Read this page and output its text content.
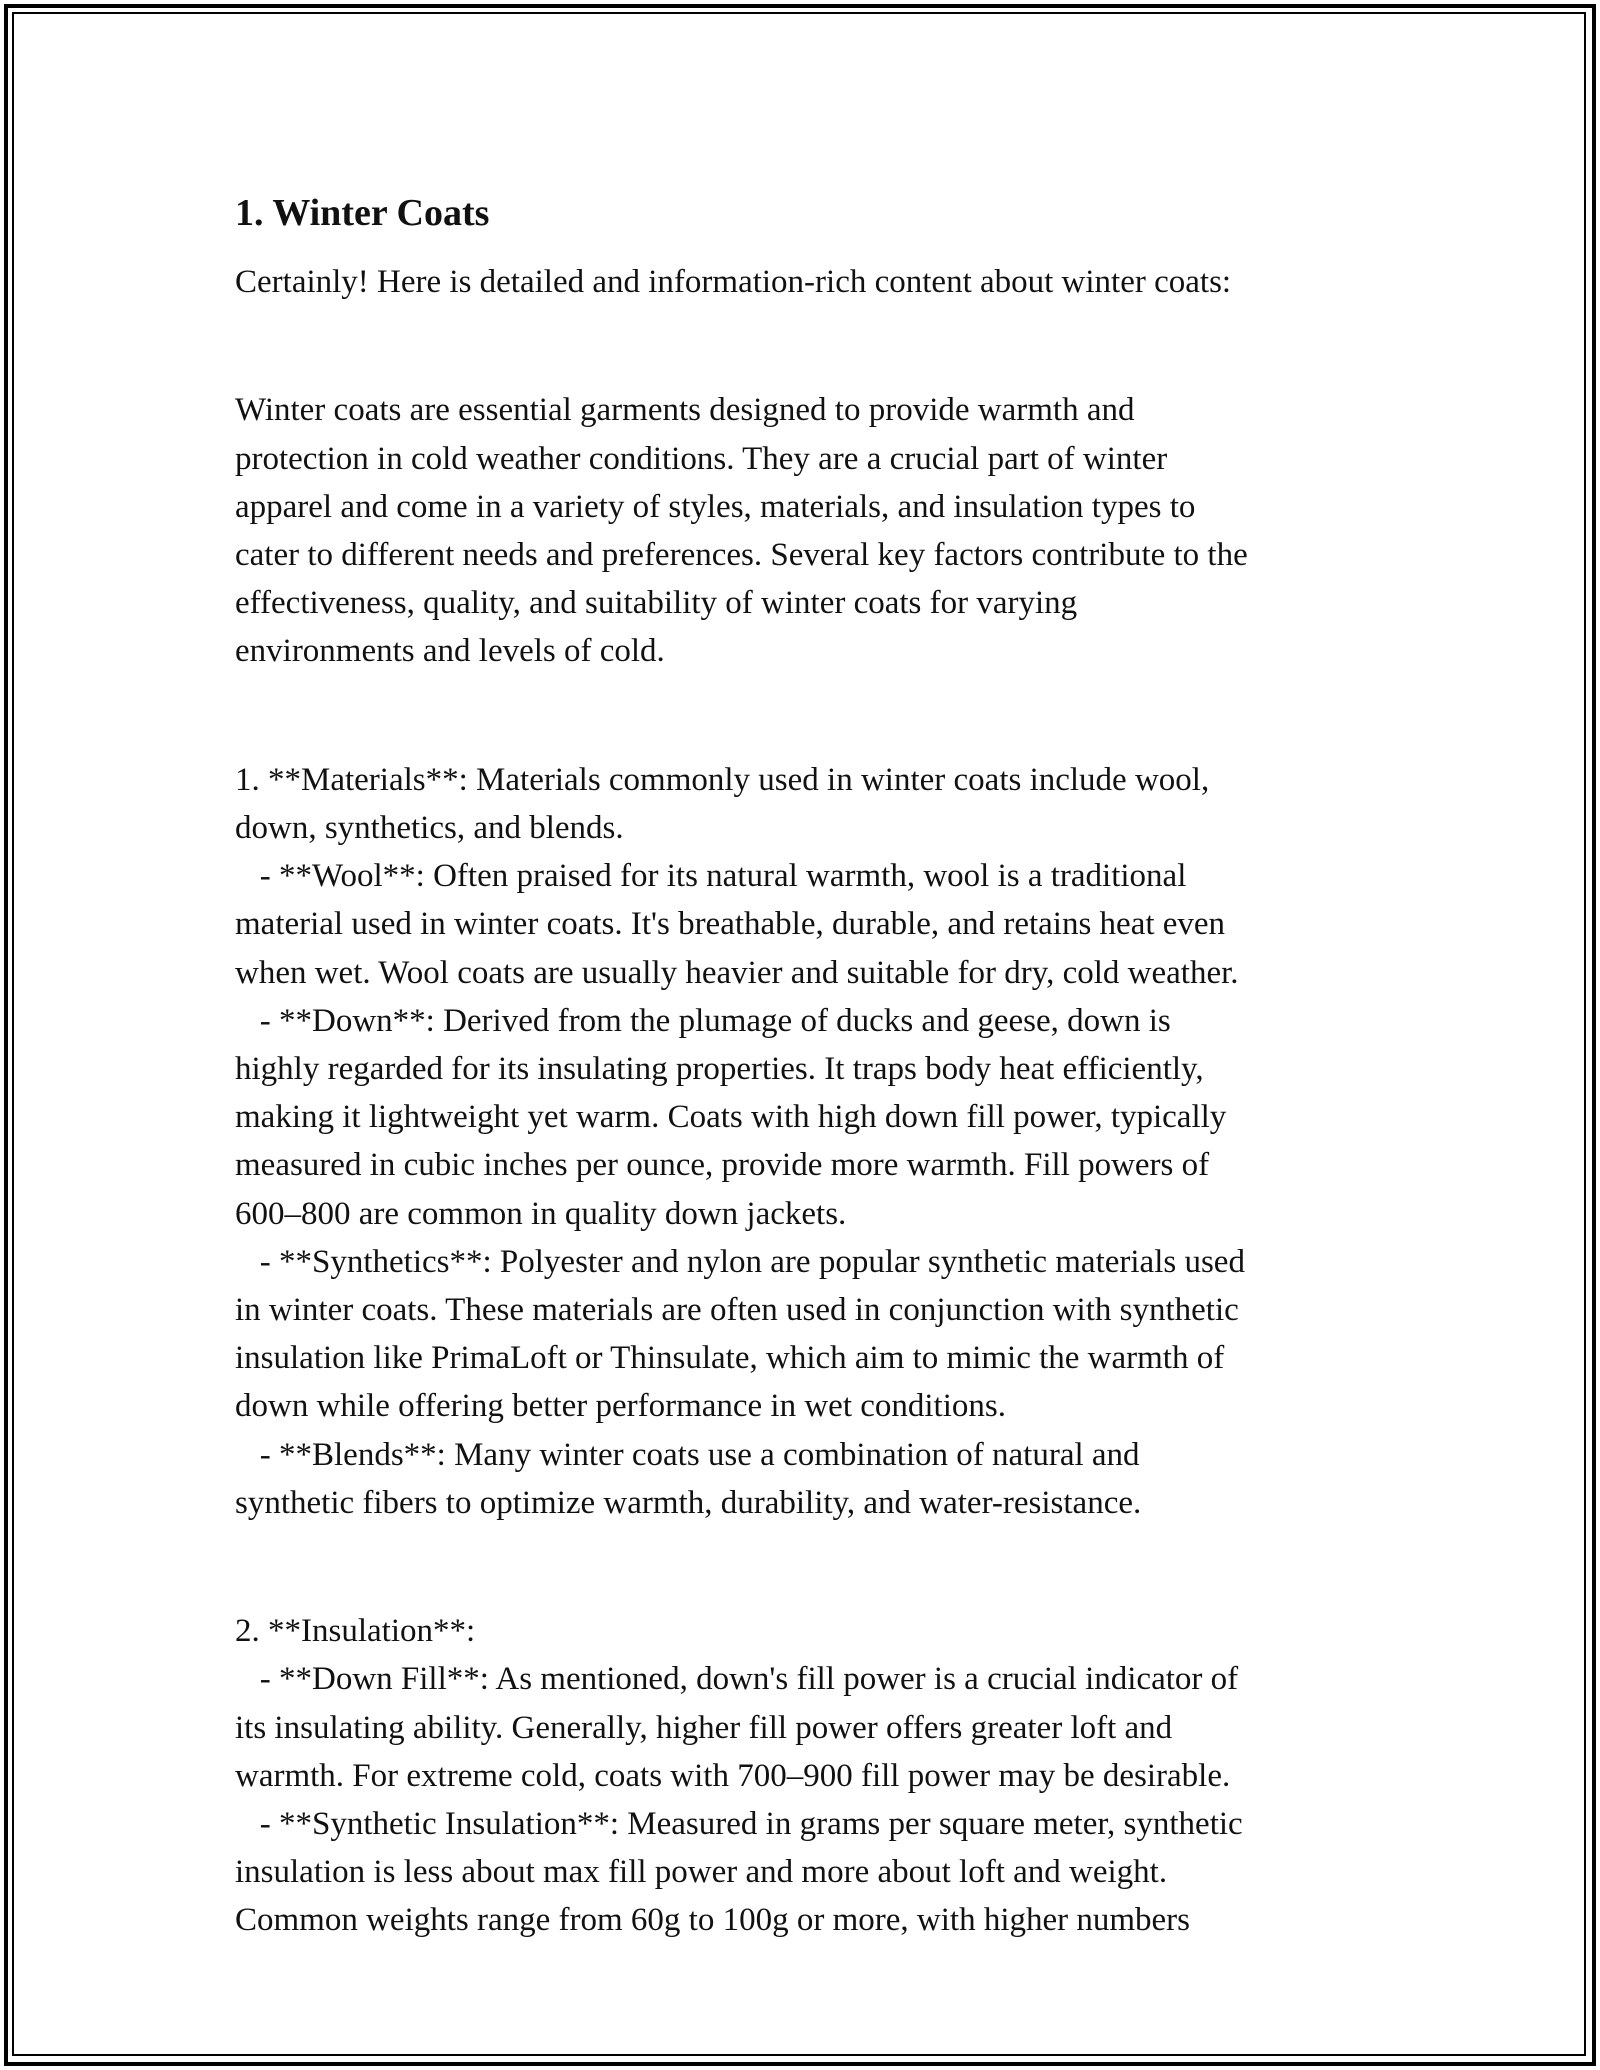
1. Winter Coats

Certainly! Here is detailed and information-rich content about winter coats:

Winter coats are essential garments designed to provide warmth and

protection in cold weather conditions. They are a crucial part of winter

apparel and come in a variety of styles, materials, and insulation types to

cater to different needs and preferences. Several key factors contribute to the

effectiveness, quality, and suitability of winter coats for varying

environments and levels of cold.

1. **Materials**: Materials commonly used in winter coats include wool,

down, synthetics, and blends.

- **Wool**: Often praised for its natural warmth, wool is a traditional

material used in winter coats. It's breathable, durable, and retains heat even

when wet. Wool coats are usually heavier and suitable for dry, cold weather.

- **Down**: Derived from the plumage of ducks and geese, down is

highly regarded for its insulating properties. It traps body heat efficiently,

making it lightweight yet warm. Coats with high down fill power, typically

measured in cubic inches per ounce, provide more warmth. Fill powers of

600–800 are common in quality down jackets.

- **Synthetics**: Polyester and nylon are popular synthetic materials used

in winter coats. These materials are often used in conjunction with synthetic

insulation like PrimaLoft or Thinsulate, which aim to mimic the warmth of

down while offering better performance in wet conditions.

- **Blends**: Many winter coats use a combination of natural and

synthetic fibers to optimize warmth, durability, and water-resistance.

2. **Insulation**:

- **Down Fill**: As mentioned, down's fill power is a crucial indicator of

its insulating ability. Generally, higher fill power offers greater loft and

warmth. For extreme cold, coats with 700–900 fill power may be desirable.

- **Synthetic Insulation**: Measured in grams per square meter, synthetic

insulation is less about max fill power and more about loft and weight.

Common weights range from 60g to 100g or more, with higher numbers
